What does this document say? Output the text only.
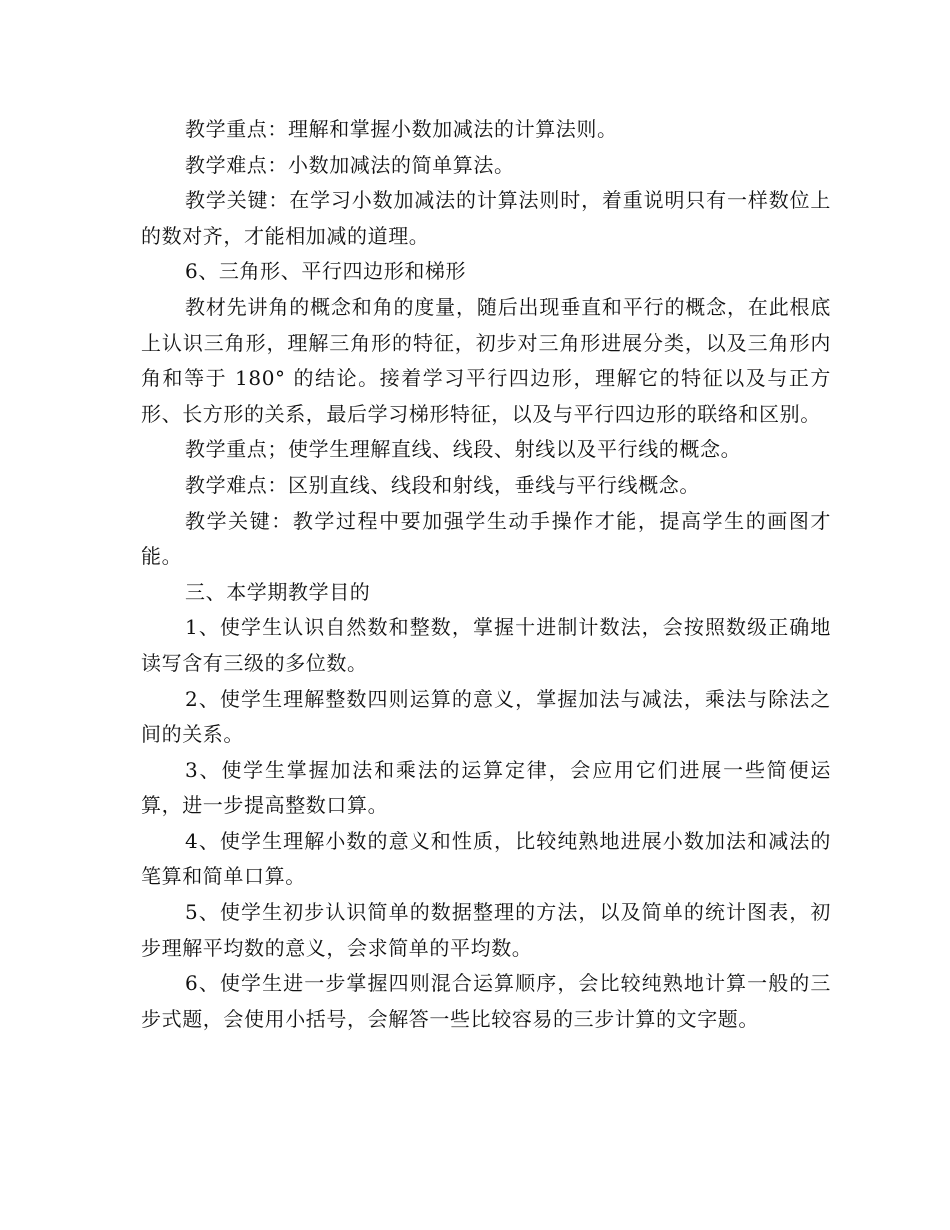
教学重点：理解和掌握小数加减法的计算法则。

教学难点：小数加减法的简单算法。

教学关键：在学习小数加减法的计算法则时，着重说明只有一样数位上的数对齐，才能相加减的道理。

6、三角形、平行四边形和梯形

教材先讲角的概念和角的度量，随后出现垂直和平行的概念，在此根底上认识三角形，理解三角形的特征，初步对三角形进展分类，以及三角形内角和等于 180° 的结论。接着学习平行四边形，理解它的特征以及与正方形、长方形的关系，最后学习梯形特征，以及与平行四边形的联络和区别。

教学重点；使学生理解直线、线段、射线以及平行线的概念。

教学难点：区别直线、线段和射线，垂线与平行线概念。

教学关键：教学过程中要加强学生动手操作才能，提高学生的画图才能。

三、本学期教学目的

1、使学生认识自然数和整数，掌握十进制计数法，会按照数级正确地读写含有三级的多位数。

2、使学生理解整数四则运算的意义，掌握加法与减法，乘法与除法之间的关系。

3、使学生掌握加法和乘法的运算定律，会应用它们进展一些简便运算，进一步提高整数口算。

4、使学生理解小数的意义和性质，比较纯熟地进展小数加法和减法的笔算和简单口算。

5、使学生初步认识简单的数据整理的方法，以及简单的统计图表，初步理解平均数的意义，会求简单的平均数。

6、使学生进一步掌握四则混合运算顺序，会比较纯熟地计算一般的三步式题，会使用小括号，会解答一些比较容易的三步计算的文字题。
